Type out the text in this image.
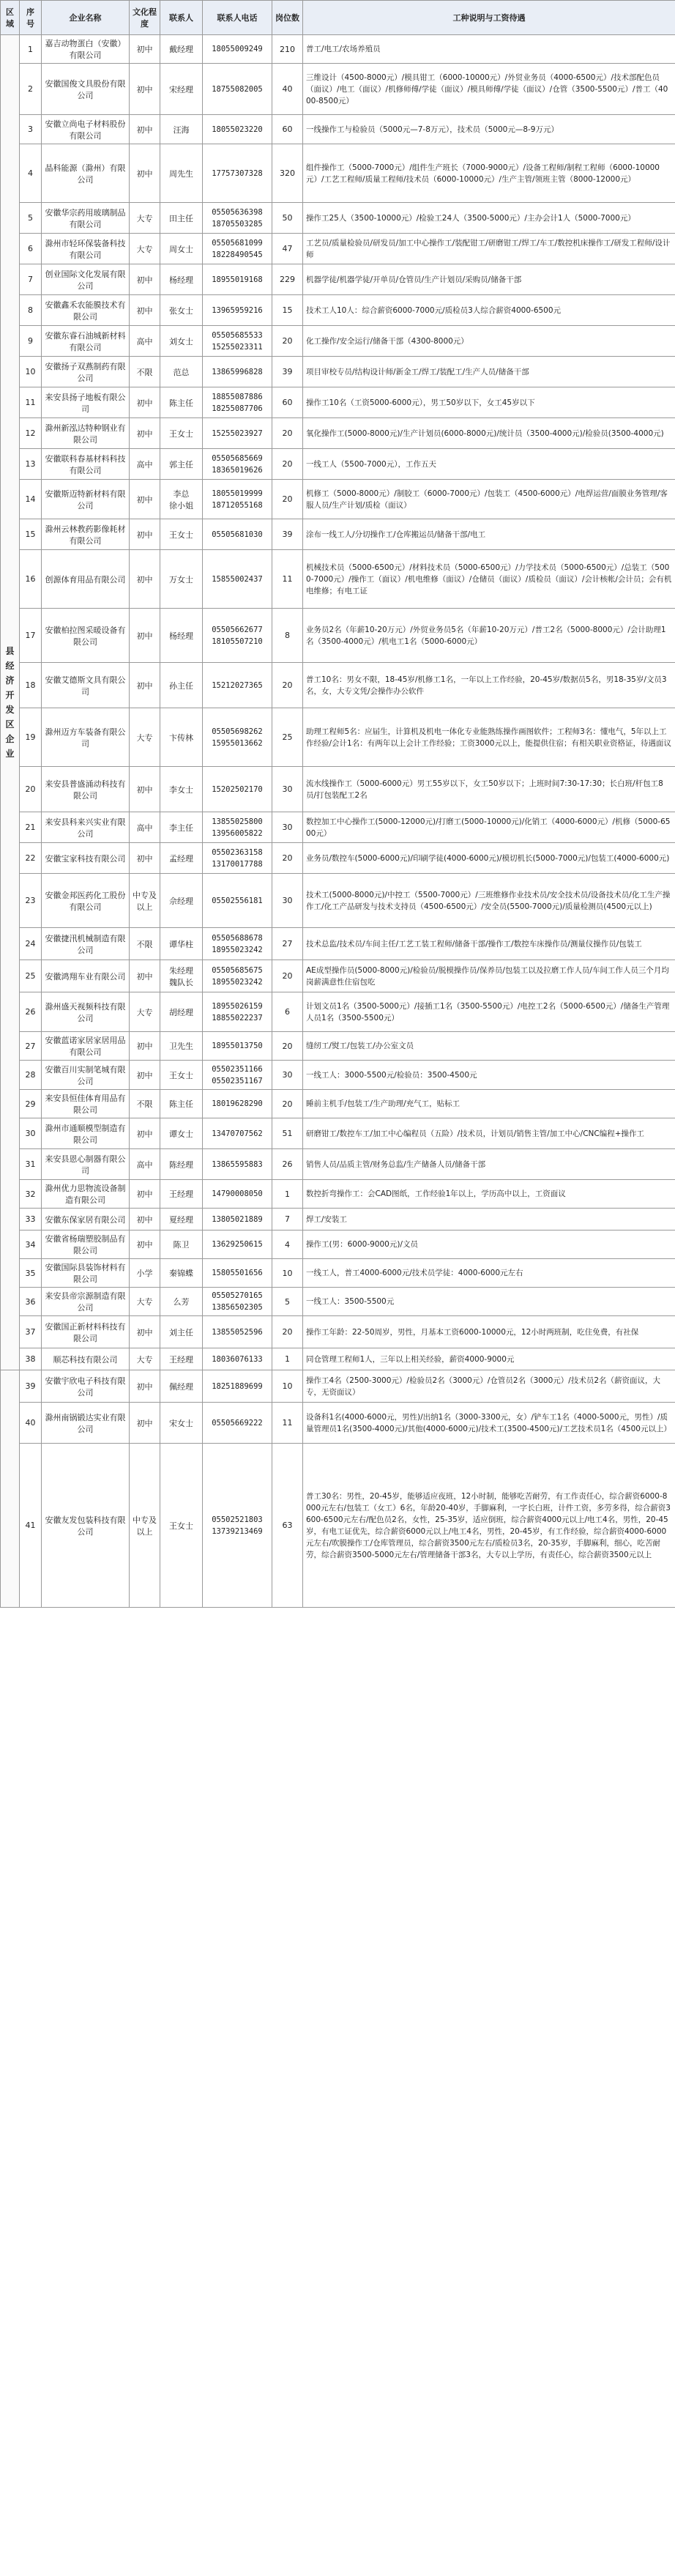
区域	序号	企业名称	文化程度	联系人	联系人电话	岗位数	工种说明与工资待遇
县经济开发区企业	1	嘉吉动物蛋白（安徽）有限公司	初中	戴经理	18055009249	210	普工/电工/农场养殖员
	2	安徽国俊文具股份有限公司	初中	宋经理	18755082005	40	三维设计（4500-8000元）/模具钳工（6000-10000元）/外贸业务员（4000-6500元）/技术部配色员（面议）/电工（面议）/机修师傅/学徒（面议）/模具师傅/学徒（面议）/仓管（3500-5500元）/普工（4000-8500元）
	3	安徽立尚电子材料股份有限公司	初中	汪海	18055023220	60	一线操作工与检验员（5000元—7-8万元），技术员（5000元—8-9万元）
	4	晶科能源（滁州）有限公司	初中	周先生	17757307328	320	组件操作工（5000-7000元）/组件生产班长（7000-9000元）/设备工程师/制程工程师（6000-10000元）/工艺工程师/质量工程师/技术员（6000-10000元）/生产主管/领班主管（8000-12000元）
	5	安徽华宗药用玻璃制品有限公司	大专	田主任	05505636398
18705503285	50	操作工25人（3500-10000元）/检验工24人（3500-5000元）/主办会计1人（5000-7000元）
	6	滁州市轻环保装备科技有限公司	大专	周女士	05505681099
18228490545	47	工艺员/质量检验员/研发员/加工中心操作工/装配钳工/研磨钳工/焊工/车工/数控机床操作工/研发工程师/设计师
	7	创业国际文化发展有限公司	初中	杨经理	18955019168	229	机器学徒/机器学徒/开单员/仓管员/生产计划员/采购员/储备干部
	8	安徽鑫禾农能膜技术有限公司	初中	张女士	13965959216	15	技术工人10人：综合薪资6000-7000元/质检员3人综合薪资4000-6500元
	9	安徽东睿石油城新材料有限公司	高中	刘女士	05505685533
15255023311	20	化工操作/安全运行/储备干部（4300-8000元）
	10	安徽扬子双燕制药有限公司	不限	范总	13865996828	39	项目审校专员/结构设计师/新金工/焊工/装配工/生产人员/储备干部
	11	来安县扬子地板有限公司	初中	陈主任	18855087886
18255087706	60	操作工10名（工资5000-6000元），男工50岁以下，女工45岁以下
	12	滁州新泓达特种钢业有限公司	初中	王女士	15255023927	20	氧化操作工(5000-8000元)/生产计划员(6000-8000元)/统计员（3500-4000元)/检验员(3500-4000元)
	13	安徽联科春基材料科技有限公司	高中	郭主任	05505685669
18365019626	20	一线工人（5500-7000元），工作五天
	14	安徽斯迈特新材料有限公司	初中	李总
徐小姐	18055019999
18712055168	20	机修工（5000-8000元）/制胶工（6000-7000元）/包装工（4500-6000元）/电焊运营/面膜业务管理/客服人员/生产计划/质检（面议）
	15	滁州云林教药影像耗材有限公司	初中	王女士	05505681030	39	涂布一线工人/分切操作工/仓库搬运员/储备干部/电工
	16	创源体育用品有限公司	初中	万女士	15855002437	11	机械技术员（5000-6500元）/材料技术员（5000-6500元）/力学技术员（5000-6500元）/总装工（5000-7000元）/操作工（面议）/机电维修（面议）/仓储员（面议）/质检员（面议）/会计核帐/会计员；会有机电维修；有电工证
	17	安徽柏拉图采暖设备有限公司	初中	杨经理	05505662677
18105507210	8	业务员2名（年薪10-20万元）/外贸业务员5名（年薪10-20万元）/普工2名（5000-8000元）/会计助理1名（3500-4000元）/机电工1名（5000-6000元）
	18	安徽艾德斯文具有限公司	初中	孙主任	15212027365	20	普工10名：男女不限，18-45岁/机修工1名，一年以上工作经验，20-45岁/数据员5名，男18-35岁/文员3名，女，大专文凭/会操作办公软件
	19	滁州迈方车装备有限公司	大专	卞传林	05505698262
15955013662	25	助理工程师5名：应届生，计算机及机电一体化专业能熟练操作画图软件；工程师3名：懂电气，5年以上工作经验/会计1名：有两年以上会计工作经验；工资3000元以上，能提供住宿；有相关职业资格证，待遇面议
	20	来安县普盛涌动科技有限公司	初中	李女士	15202502170	30	流水线操作工（5000-6000元）男工55岁以下，女工50岁以下；上班时间7:30-17:30；长白班/杆包工8员/打包装配工2名
	21	来安县科来兴实业有限公司	高中	李主任	13855025800
13956005822	30	数控加工中心操作工(5000-12000元)/打磨工(5000-10000元)/化销工（4000-6000元）/机修（5000-6500元）
	22	安徽宝家科技有限公司	初中	孟经理	05502363158
13170017788	20	业务员/数控车(5000-6000元)/印刷学徒(4000-6000元)/模切机长(5000-7000元)/包装工(4000-6000元)
	23	安徽金邦医药化工股份有限公司	中专及以上	佘经理	05502556181	30	技术工(5000-8000元)/中控工（5500-7000元）/三班维修作业技术员/安全技术员/设备技术员/化工生产操作工/化工产品研发与技术支持员（4500-6500元）/安全员(5500-7000元)/质量检测员(4500元以上)
	24	安徽捷汛机械制造有限公司	不限	谭华柱	05505688678
18955023242	27	技术总监/技术员/车间主任/工艺工装工程师/储备干部/操作工/数控车床操作员/测量仪操作员/包装工
	25	安徽鸿翔车业有限公司	初中	朱经理
魏队长	05505685675
18955023242	20	AE成型操作员(5000-8000元)/检验员/脱模操作员/保养员/包装工以及拉磨工作人员/车间工作人员三个月均岗薪满意性住宿包吃
	26	滁州盛天视频科技有限公司	大专	胡经理	18955026159
18855022237	6	计划文员1名（3500-5000元）/接插工1名（3500-5500元）/电控工2名（5000-6500元）/储备生产管理人员1名（3500-5500元）
	27	安徽蓝诺家居家居用品有限公司	初中	卫先生	18955013750	20	缝纫工/熨工/包装工/办公室文员
	28	安徽百川实制笔城有限公司	初中	王女士	05502351166
05502351167	30	一线工人：3000-5500元/检验员：3500-4500元
	29	来安县恒佳体育用品有限公司	不限	陈主任	18019628290	20	睡前主机手/包装工/生产助理/充气工，贴标工
	30	滁州市通顺模型制造有限公司	初中	谭女士	13470707562	51	研磨钳工/数控车工/加工中心编程员（五险）/技术员，计划员/销售主管/加工中心/CNC编程+操作工
	31	来安县恩心制器有限公司	高中	陈经理	13865595883	26	销售人员/品质主管/财务总监/生产储备人员/储备干部
	32	滁州优力思物流设备制造有限公司	初中	王经理	14790008050	1	数控折弯操作工：会CAD图纸，工作经验1年以上，学历高中以上，工资面议
	33	安徽东保家居有限公司	初中	夏经理	13805021889	7	焊工/安装工
	34	安徽省杨瑞塑胶制品有限公司	初中	陈卫	13629250615	4	操作工(男：6000-9000元)/文员
	35	安徽国际县装饰材料有限公司	小学	秦锦蝶	15805501656	10	一线工人，普工4000-6000元/技术员学徒：4000-6000元左右
	36	来安县帝宗源制造有限公司	大专	么芳	05505270165
13856502305	5	一线工人：3500-5500元
	37	安徽国正新材料科技有限公司	初中	刘主任	13855052596	20	操作工年龄：22-50周岁，男性，月基本工资6000-10000元，12小时两班制，吃住免费，有社保
	38	顺芯科技有限公司	大专	王经理	18036076133	1	同仓管理工程师1人，三年以上相关经验，薪资4000-9000元
	39	安徽宇欣电子科技有限公司	初中	佩经理	18251889699	10	操作工4名（2500-3000元）/检验员2名（3000元）/仓管员2名（3000元）/技术员2名（薪资面议，大专，无资面议）
	40	滁州南锅锻达实业有限公司	初中	宋女士	05505669222	11	设备科1名(4000-6000元，男性)/出纳1名（3000-3300元，女）/铲车工1名（4000-5000元，男性）/质量管理员1名(3500-4000元)/其他(4000-6000元)/技术工(3500-4500元)/工艺技术员1名（4500元以上）
	41	安徽友发包装科技有限公司	中专及以上	王女士	05502521803
13739213469	63	普工30名：男性，20-45岁，能够适应夜班，12小时制，能够吃苦耐劳，有工作责任心，综合薪资6000-8000元左右/包装工（女工）6名，年龄20-40岁，手脚麻利，一字长白班，计件工资，多劳多得，综合薪资3600-6500元左右/配色员2名，女性，25-35岁，适应倒班，综合薪资4000元以上/电工4名，男性，20-45岁，有电工证优先，综合薪资6000元以上/电工4名，男性，20-45岁，有工作经验，综合薪资4000-6000元左右/吹膜操作工/仓库管理员，综合薪资3500元左右/质检员3名，20-35岁，手脚麻利，细心，吃苦耐劳，综合薪资3500-5000元左右/管理储备干部3名，大专以上学历，有责任心，综合薪资3500元以上
